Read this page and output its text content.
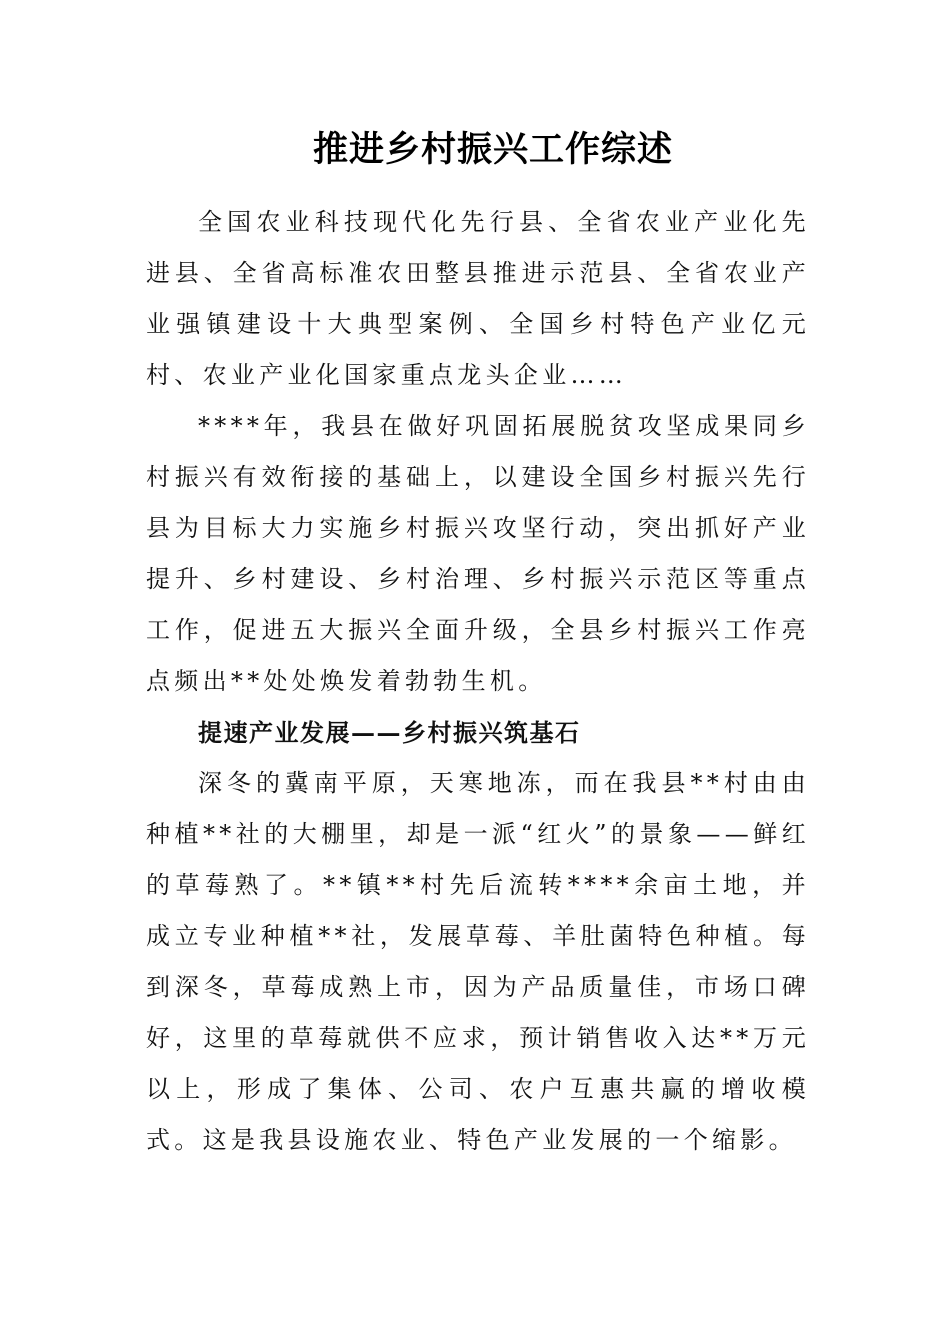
推进乡村振兴工作综述

全国农业科技现代化先行县、全省农业产业化先进县、全省高标准农田整县推进示范县、全省农业产业强镇建设十大典型案例、全国乡村特色产业亿元村、农业产业化国家重点龙头企业……

****年，我县在做好巩固拓展脱贫攻坚成果同乡村振兴有效衔接的基础上，以建设全国乡村振兴先行县为目标大力实施乡村振兴攻坚行动，突出抓好产业提升、乡村建设、乡村治理、乡村振兴示范区等重点工作，促进五大振兴全面升级，全县乡村振兴工作亮点频出**处处焕发着勃勃生机。

提速产业发展——乡村振兴筑基石

深冬的冀南平原，天寒地冻，而在我县**村由由种植**社的大棚里，却是一派“红火”的景象——鲜红的草莓熟了。**镇**村先后流转****余亩土地，并成立专业种植**社，发展草莓、羊肚菌特色种植。每到深冬，草莓成熟上市，因为产品质量佳，市场口碑好，这里的草莓就供不应求，预计销售收入达**万元以上，形成了集体、公司、农户互惠共赢的增收模式。这是我县设施农业、特色产业发展的一个缩影。
